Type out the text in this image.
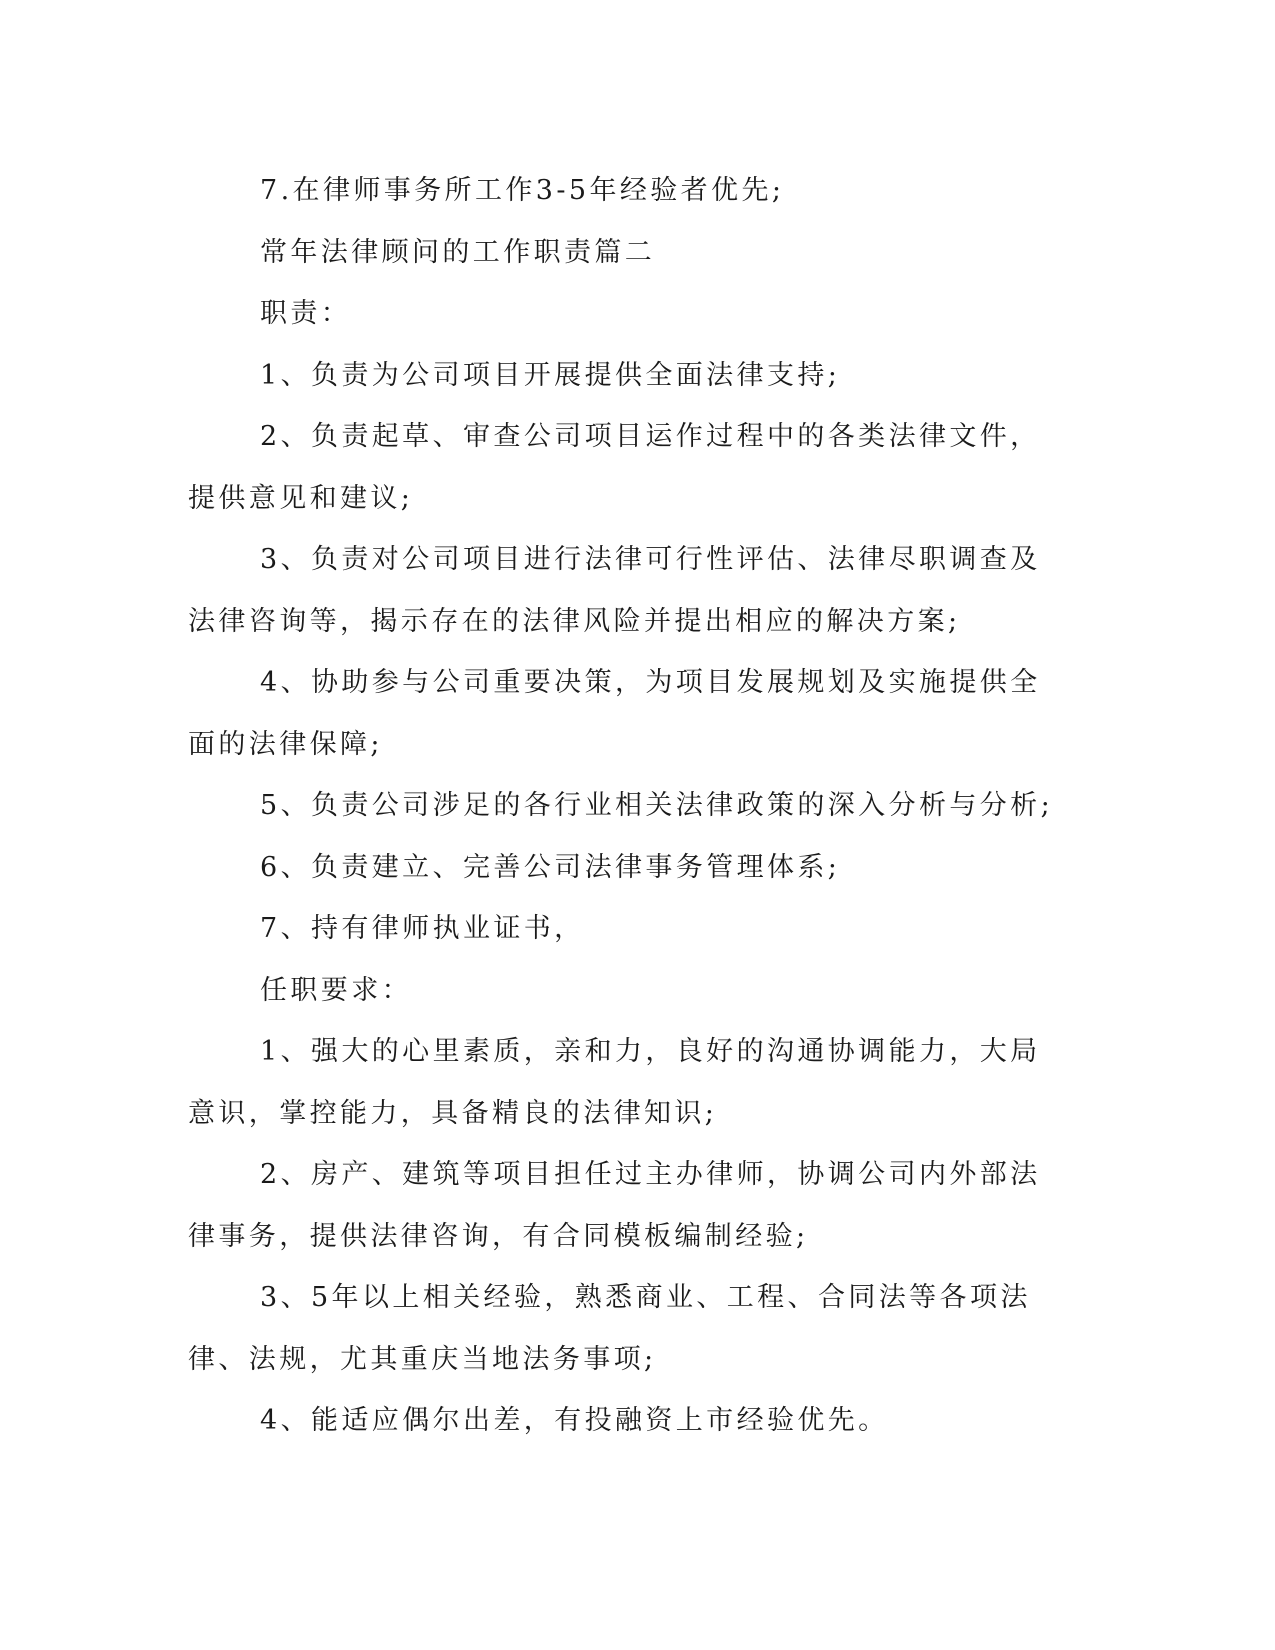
7.在律师事务所工作3-5年经验者优先;

常年法律顾问的工作职责篇二

职责：

1、负责为公司项目开展提供全面法律支持;

2、负责起草、审查公司项目运作过程中的各类法律文件，提供意见和建议;

3、负责对公司项目进行法律可行性评估、法律尽职调查及法律咨询等，揭示存在的法律风险并提出相应的解决方案;

4、协助参与公司重要决策，为项目发展规划及实施提供全面的法律保障;

5、负责公司涉足的各行业相关法律政策的深入分析与分析;

6、负责建立、完善公司法律事务管理体系;

7、持有律师执业证书，

任职要求：

1、强大的心里素质，亲和力，良好的沟通协调能力，大局意识，掌控能力，具备精良的法律知识;

2、房产、建筑等项目担任过主办律师，协调公司内外部法律事务，提供法律咨询，有合同模板编制经验;

3、5年以上相关经验，熟悉商业、工程、合同法等各项法律、法规，尤其重庆当地法务事项;

4、能适应偶尔出差，有投融资上市经验优先。
